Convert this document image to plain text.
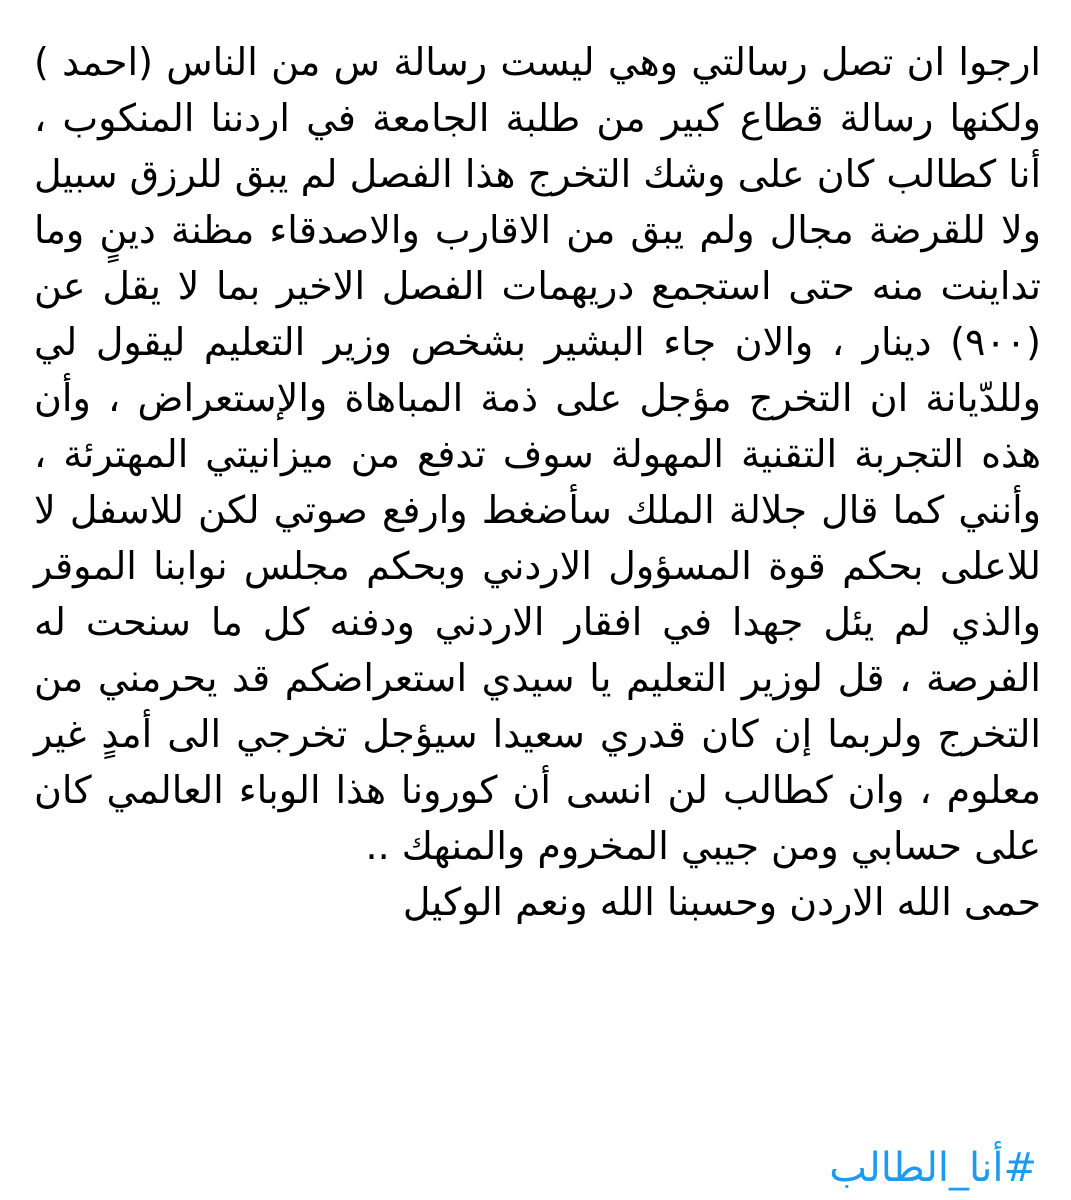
ارجوا ان تصل رسالتي وهي ليست رسالة س من الناس (احمد )
ولكنها رسالة قطاع كبير من طلبة الجامعة في اردننا المنكوب ،
أنا كطالب كان على وشك التخرج هذا الفصل لم يبق للرزق سبيل
ولا للقرضة مجال ولم يبق من الاقارب والاصدقاء مظنة دينٍ وما
تداينت منه حتى استجمع دريهمات الفصل الاخير بما لا يقل عن
(٩٠٠) دينار ، والان جاء البشير بشخص وزير التعليم ليقول لي
وللدّيانة ان التخرج مؤجل على ذمة المباهاة والإستعراض ، وأن
هذه التجربة التقنية المهولة سوف تدفع من ميزانيتي المهترئة ،
وأنني كما قال جلالة الملك سأضغط وارفع صوتي لكن للاسفل لا
للاعلى بحكم قوة المسؤول الاردني وبحكم مجلس نوابنا الموقر
والذي لم يئل جهدا في افقار الاردني ودفنه كل ما سنحت له
الفرصة ، قل لوزير التعليم يا سيدي استعراضكم قد يحرمني من
التخرج ولربما إن كان قدري سعيدا سيؤجل تخرجي الى أمدٍ غير
معلوم ، وان كطالب لن انسى أن كورونا هذا الوباء العالمي كان
على حسابي ومن جيبي المخروم والمنهك ..
حمى الله الاردن وحسبنا الله ونعم الوكيل
#أنا_الطالب
